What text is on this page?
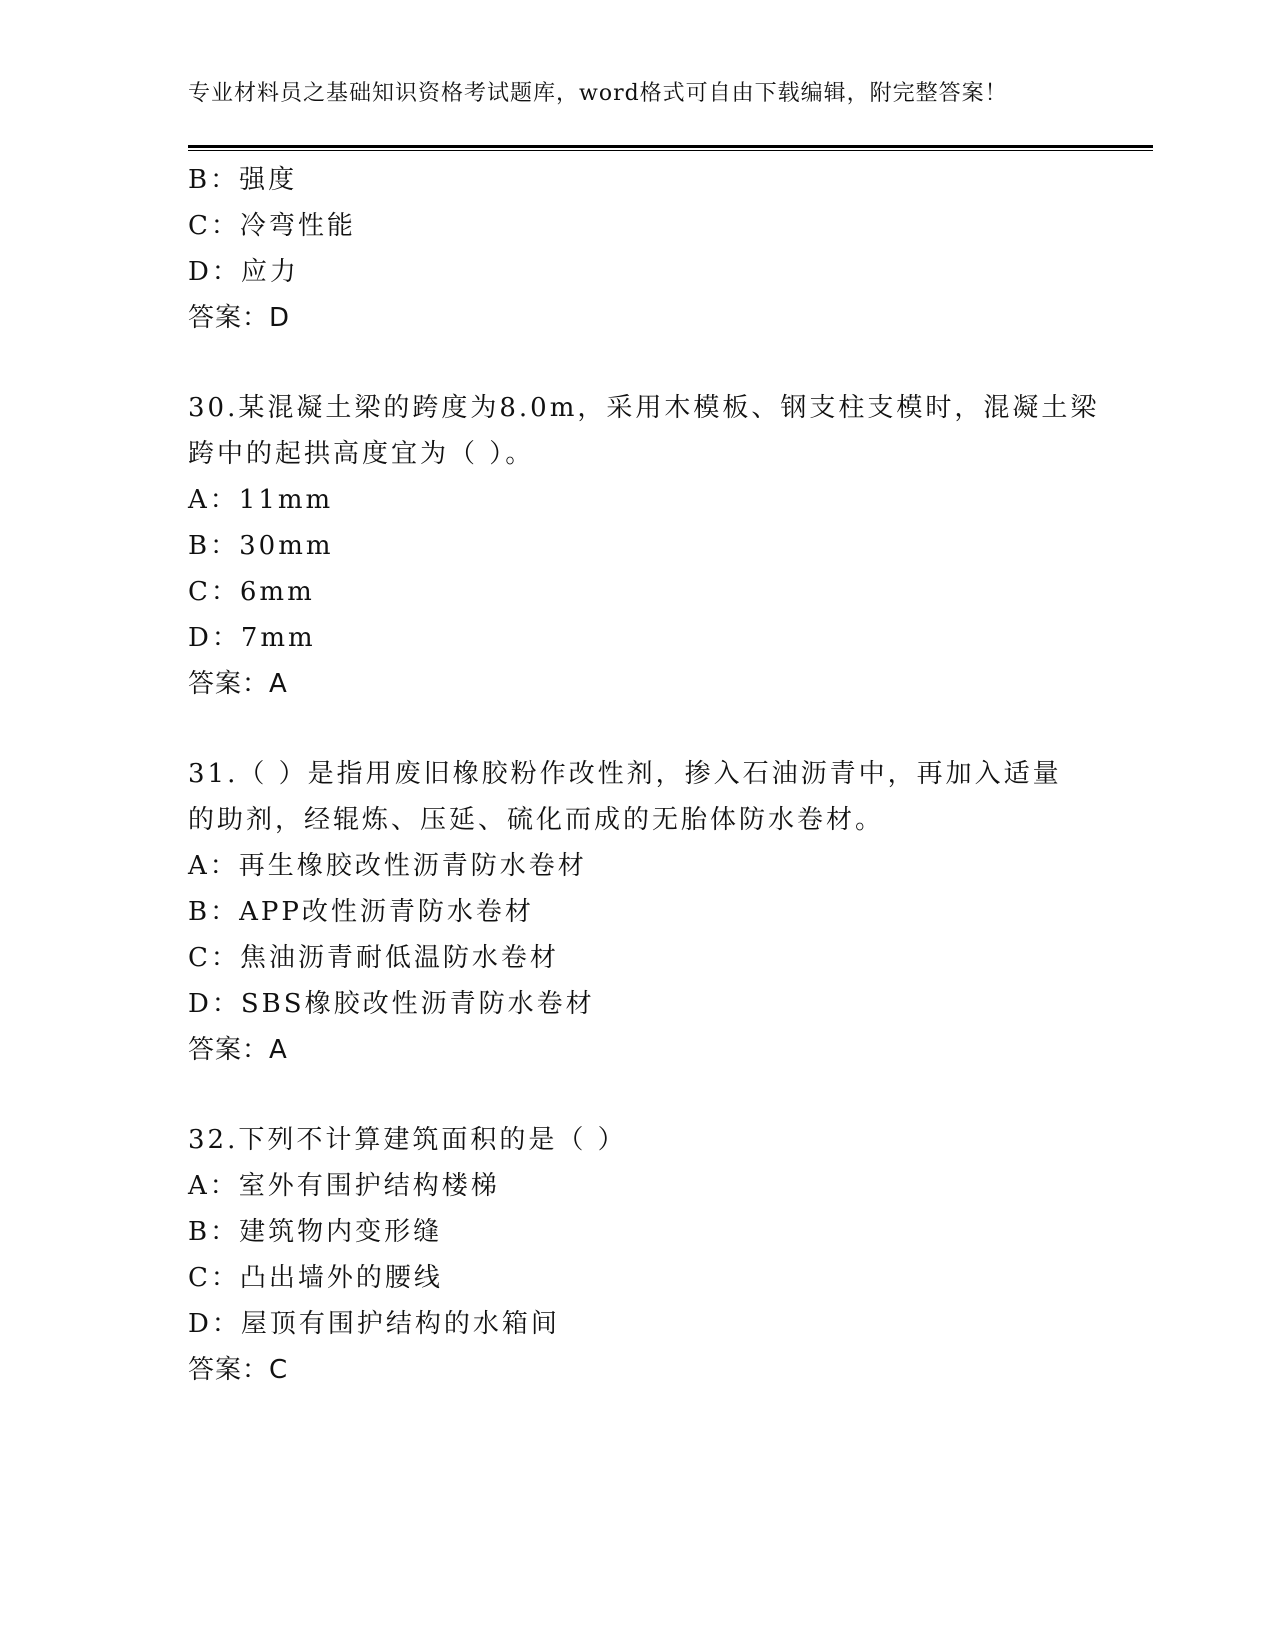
专业材料员之基础知识资格考试题库，word格式可自由下载编辑，附完整答案！
B：强度
C：冷弯性能
D：应力
答案：D
30.某混凝土梁的跨度为8.0m，采用木模板、钢支柱支模时，混凝土梁
跨中的起拱高度宜为（ ）。
A：11mm
B：30mm
C：6mm
D：7mm
答案：A
31.（ ）是指用废旧橡胶粉作改性剂，掺入石油沥青中，再加入适量
的助剂，经辊炼、压延、硫化而成的无胎体防水卷材。
A：再生橡胶改性沥青防水卷材
B：APP改性沥青防水卷材
C：焦油沥青耐低温防水卷材
D：SBS橡胶改性沥青防水卷材
答案：A
32.下列不计算建筑面积的是（ ）
A：室外有围护结构楼梯
B：建筑物内变形缝
C：凸出墙外的腰线
D：屋顶有围护结构的水箱间
答案：C
